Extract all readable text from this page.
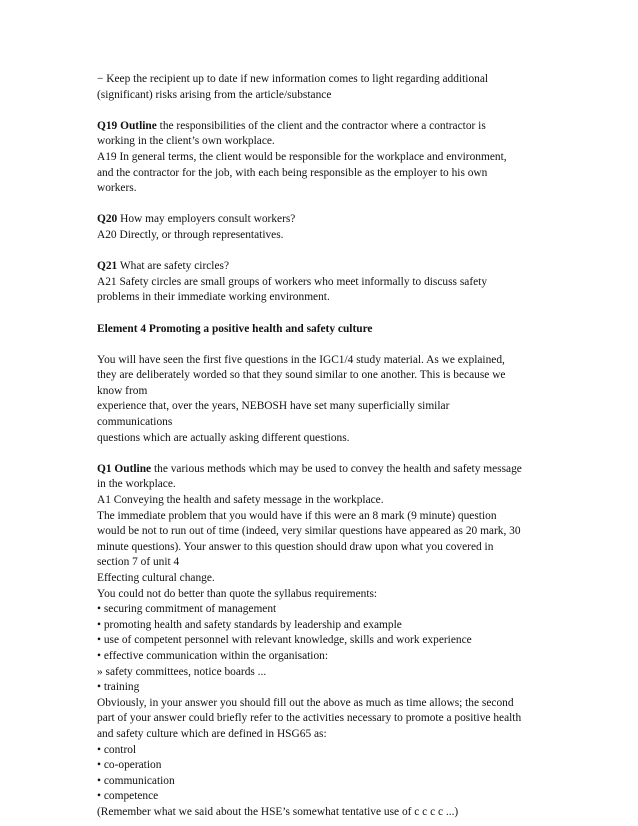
− Keep the recipient up to date if new information comes to light regarding additional
(significant) risks arising from the article/substance
Q19 Outline the responsibilities of the client and the contractor where a contractor is
working in the client’s own workplace.
A19 In general terms, the client would be responsible for the workplace and environment,
and the contractor for the job, with each being responsible as the employer to his own
workers.
Q20 How may employers consult workers?
A20 Directly, or through representatives.
Q21 What are safety circles?
A21 Safety circles are small groups of workers who meet informally to discuss safety
problems in their immediate working environment.
Element 4 Promoting a positive health and safety culture
You will have seen the first five questions in the IGC1/4 study material. As we explained,
they are deliberately worded so that they sound similar to one another. This is because we
know from
experience that, over the years, NEBOSH have set many superficially similar
communications
questions which are actually asking different questions.
Q1 Outline the various methods which may be used to convey the health and safety message
in the workplace.
A1 Conveying the health and safety message in the workplace.
The immediate problem that you would have if this were an 8 mark (9 minute) question
would be not to run out of time (indeed, very similar questions have appeared as 20 mark, 30
minute questions). Your answer to this question should draw upon what you covered in
section 7 of unit 4
Effecting cultural change.
You could not do better than quote the syllabus requirements:
• securing commitment of management
• promoting health and safety standards by leadership and example
• use of competent personnel with relevant knowledge, skills and work experience
• effective communication within the organisation:
» safety committees, notice boards ...
• training
Obviously, in your answer you should fill out the above as much as time allows; the second
part of your answer could briefly refer to the activities necessary to promote a positive health
and safety culture which are defined in HSG65 as:
• control
• co-operation
• communication
• competence
(Remember what we said about the HSE’s somewhat tentative use of c c c c ...)
